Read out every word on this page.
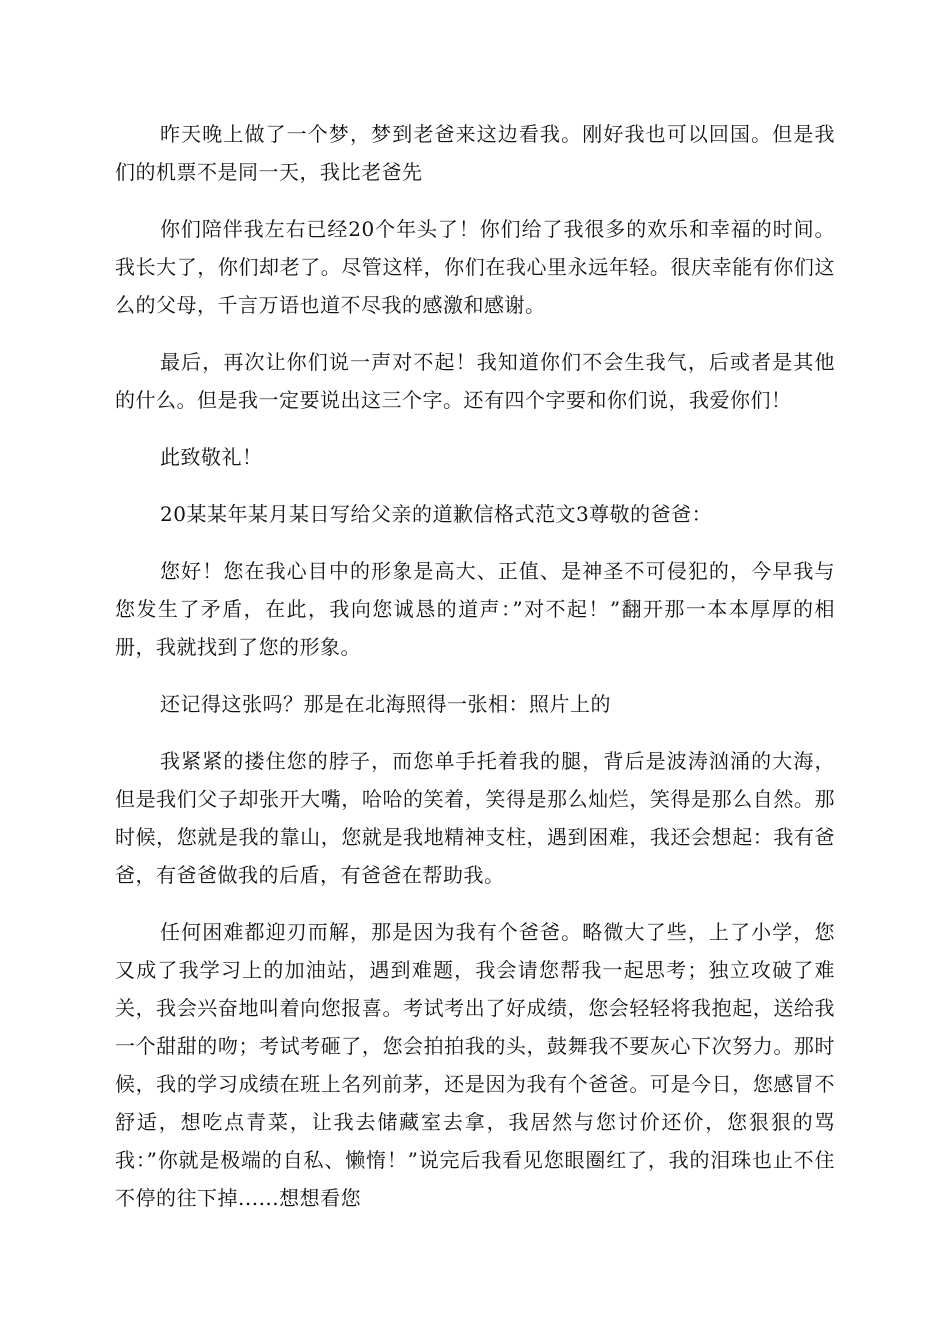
昨天晚上做了一个梦，梦到老爸来这边看我。刚好我也可以回国。但是我们的机票不是同一天，我比老爸先

你们陪伴我左右已经20个年头了！你们给了我很多的欢乐和幸福的时间。我长大了，你们却老了。尽管这样，你们在我心里永远年轻。很庆幸能有你们这么的父母，千言万语也道不尽我的感激和感谢。

最后，再次让你们说一声对不起！我知道你们不会生我气，后或者是其他的什么。但是我一定要说出这三个字。还有四个字要和你们说，我爱你们！

此致敬礼！

20某某年某月某日写给父亲的道歉信格式范文3尊敬的爸爸：

您好！您在我心目中的形象是高大、正值、是神圣不可侵犯的，今早我与您发生了矛盾，在此，我向您诚恳的道声：”对不起！”翻开那一本本厚厚的相册，我就找到了您的形象。

还记得这张吗？那是在北海照得一张相：照片上的

我紧紧的搂住您的脖子，而您单手托着我的腿，背后是波涛汹涌的大海，但是我们父子却张开大嘴，哈哈的笑着，笑得是那么灿烂，笑得是那么自然。那时候，您就是我的靠山，您就是我地精神支柱，遇到困难，我还会想起：我有爸爸，有爸爸做我的后盾，有爸爸在帮助我。

任何困难都迎刃而解，那是因为我有个爸爸。略微大了些，上了小学，您又成了我学习上的加油站，遇到难题，我会请您帮我一起思考；独立攻破了难关，我会兴奋地叫着向您报喜。考试考出了好成绩，您会轻轻将我抱起，送给我一个甜甜的吻；考试考砸了，您会拍拍我的头，鼓舞我不要灰心下次努力。那时候，我的学习成绩在班上名列前茅，还是因为我有个爸爸。可是今日，您感冒不舒适，想吃点青菜，让我去储藏室去拿，我居然与您讨价还价，您狠狠的骂我：”你就是极端的自私、懒惰！”说完后我看见您眼圈红了，我的泪珠也止不住不停的往下掉......想想看您
